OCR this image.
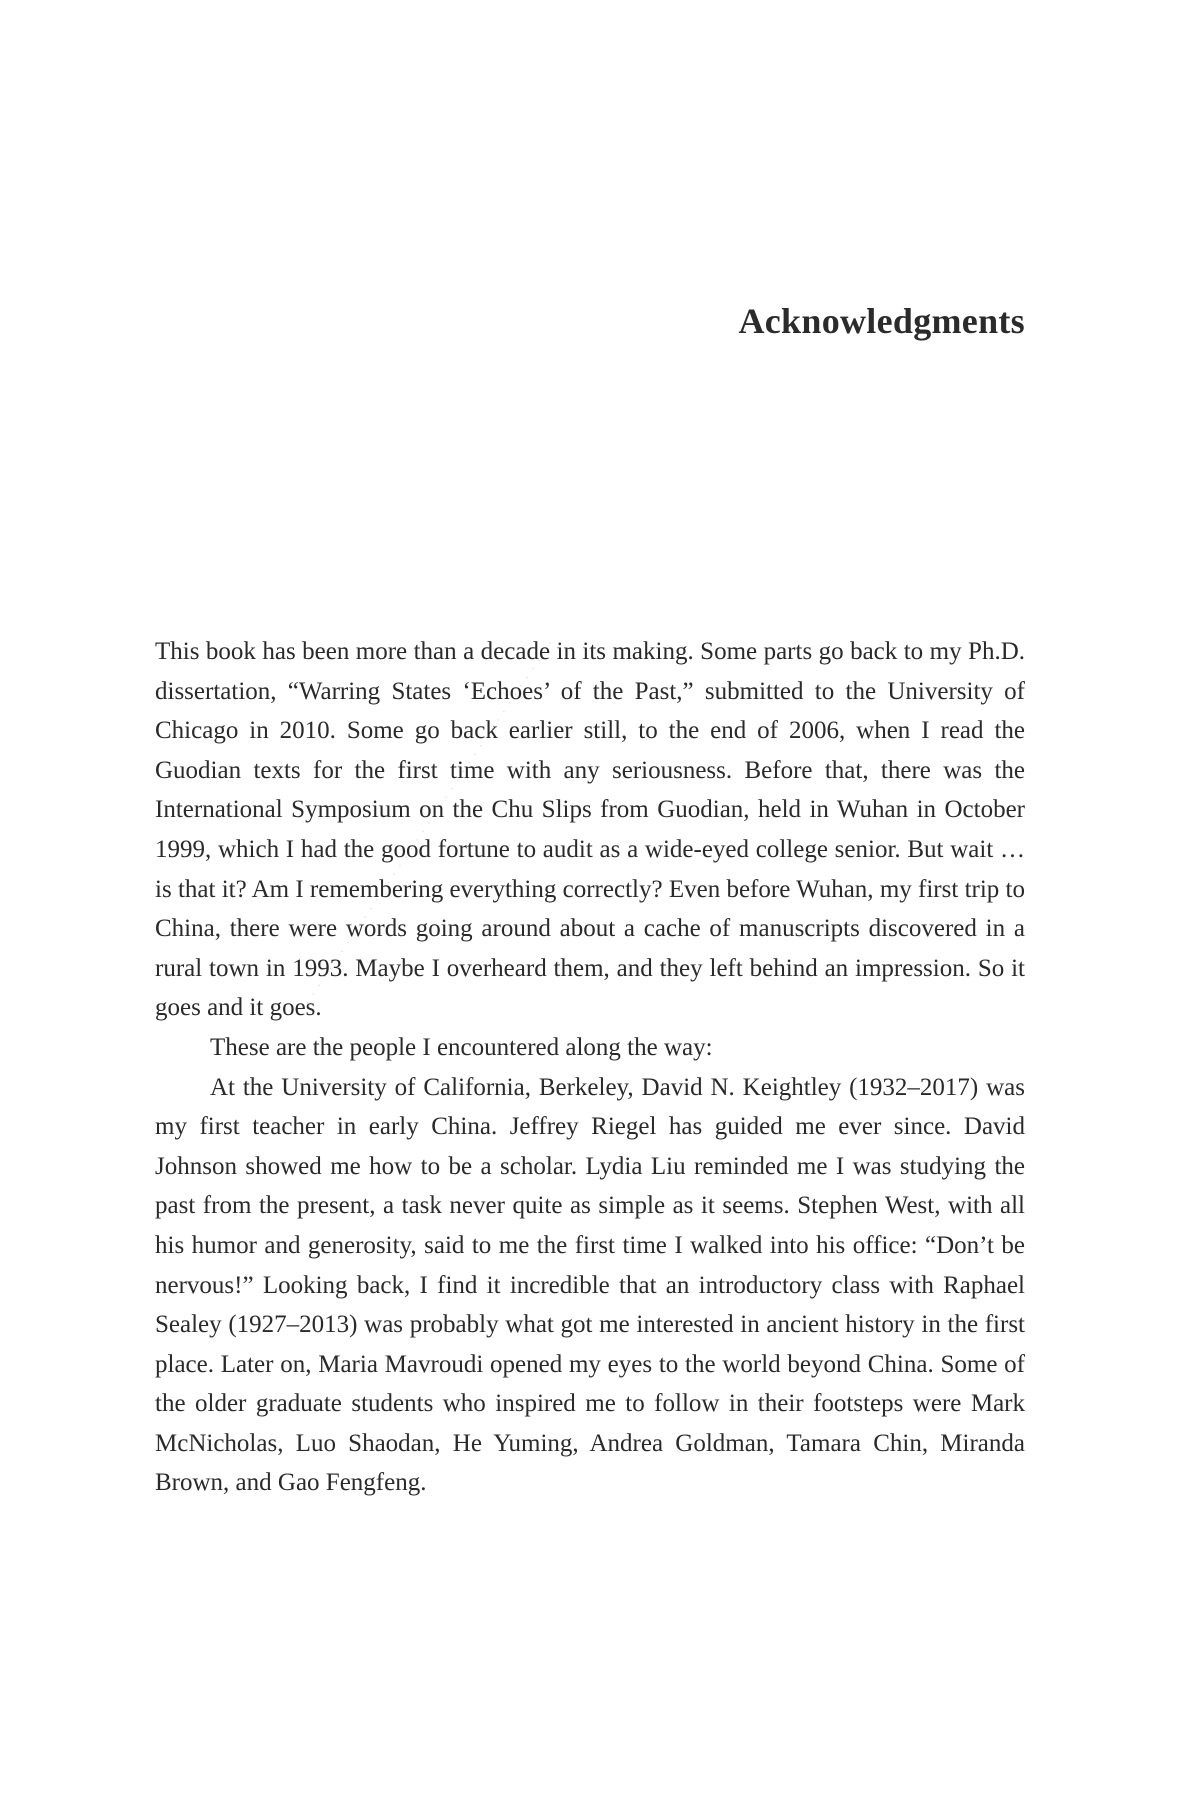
Acknowledgments

This book has been more than a decade in its making. Some parts go back to my Ph.D. dissertation, “Warring States ‘Echoes’ of the Past,” submitted to the University of Chicago in 2010. Some go back earlier still, to the end of 2006, when I read the Guodian texts for the first time with any seriousness. Before that, there was the International Symposium on the Chu Slips from Guodian, held in Wuhan in October 1999, which I had the good fortune to audit as a wide-eyed college senior. But wait … is that it? Am I remembering everything correctly? Even before Wuhan, my first trip to China, there were words going around about a cache of manuscripts discovered in a rural town in 1993. Maybe I overheard them, and they left behind an impression. So it goes and it goes.

These are the people I encountered along the way:

At the University of California, Berkeley, David N. Keightley (1932–2017) was my first teacher in early China. Jeffrey Riegel has guided me ever since. David Johnson showed me how to be a scholar. Lydia Liu reminded me I was studying the past from the present, a task never quite as simple as it seems. Stephen West, with all his humor and generosity, said to me the first time I walked into his office: “Don’t be nervous!” Looking back, I find it incredible that an introductory class with Raphael Sealey (1927–2013) was probably what got me interested in ancient history in the first place. Later on, Maria Mavroudi opened my eyes to the world beyond China. Some of the older graduate students who inspired me to follow in their footsteps were Mark McNicholas, Luo Shaodan, He Yuming, Andrea Goldman, Tamara Chin, Miranda Brown, and Gao Fengfeng.

· · · · · · · · · · · · · · · · · · · · · · · · · · · · · · · · · · · · · · · · · · ·
